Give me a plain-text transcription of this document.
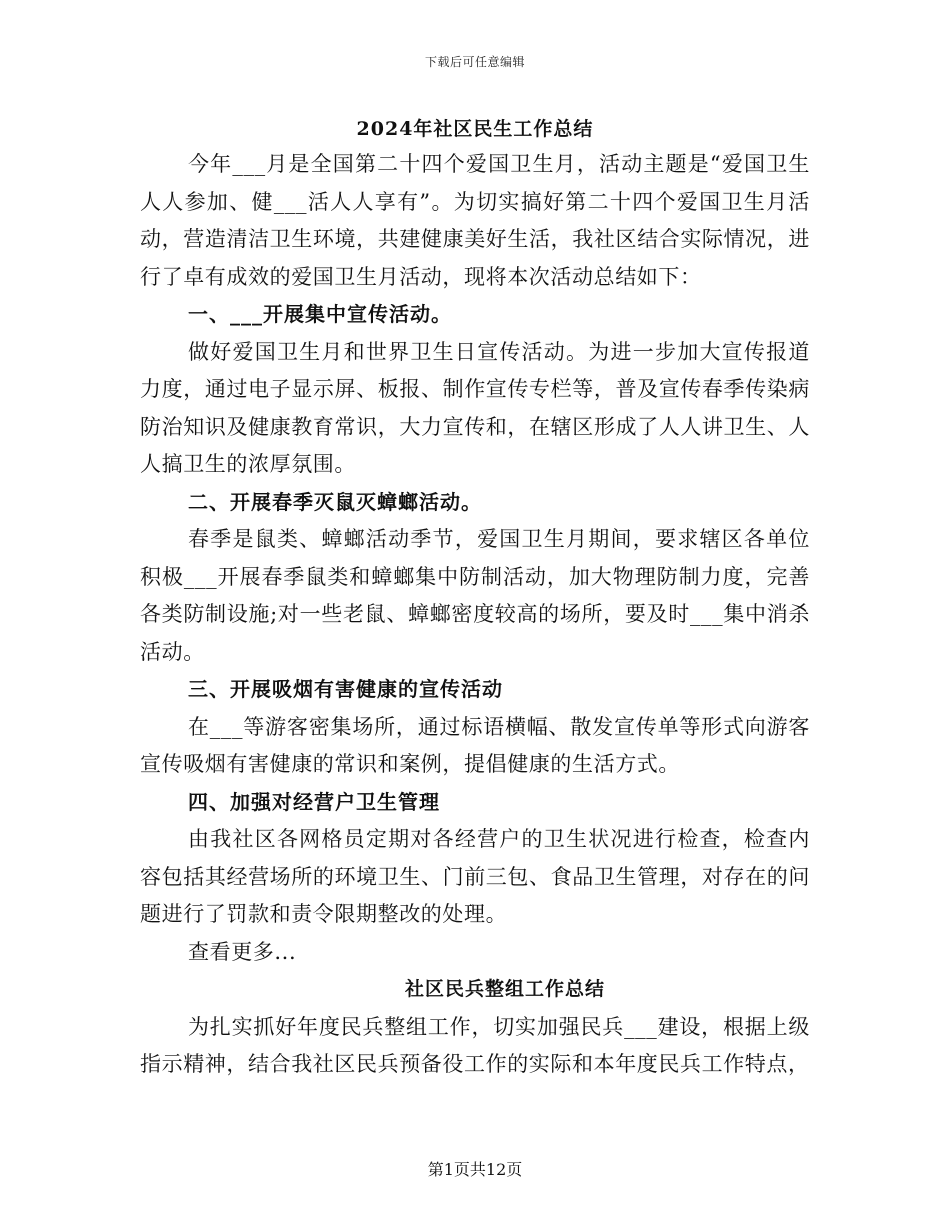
下载后可任意编辑
2024年社区民生工作总结

今年___月是全国第二十四个爱国卫生月，活动主题是“爱国卫生人人参加、健___活人人享有”。为切实搞好第二十四个爱国卫生月活动，营造清洁卫生环境，共建健康美好生活，我社区结合实际情况，进行了卓有成效的爱国卫生月活动，现将本次活动总结如下：

一、___开展集中宣传活动。

做好爱国卫生月和世界卫生日宣传活动。为进一步加大宣传报道力度，通过电子显示屏、板报、制作宣传专栏等，普及宣传春季传染病防治知识及健康教育常识，大力宣传和，在辖区形成了人人讲卫生、人人搞卫生的浓厚氛围。

二、开展春季灭鼠灭蟑螂活动。

春季是鼠类、蟑螂活动季节，爱国卫生月期间，要求辖区各单位积极___开展春季鼠类和蟑螂集中防制活动，加大物理防制力度，完善各类防制设施;对一些老鼠、蟑螂密度较高的场所，要及时___集中消杀活动。

三、开展吸烟有害健康的宣传活动

在___等游客密集场所，通过标语横幅、散发宣传单等形式向游客宣传吸烟有害健康的常识和案例，提倡健康的生活方式。

四、加强对经营户卫生管理

由我社区各网格员定期对各经营户的卫生状况进行检查，检查内容包括其经营场所的环境卫生、门前三包、食品卫生管理，对存在的问题进行了罚款和责令限期整改的处理。

查看更多...

社区民兵整组工作总结

为扎实抓好年度民兵整组工作，切实加强民兵___建设，根据上级指示精神，结合我社区民兵预备役工作的实际和本年度民兵工作特点，

第1页共12页
